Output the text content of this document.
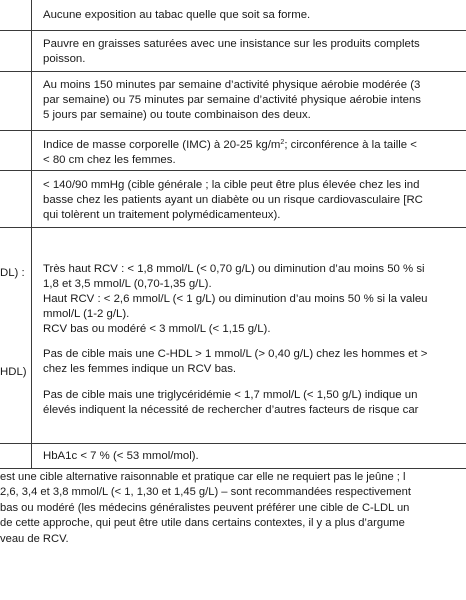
Aucune exposition au tabac quelle que soit sa forme.
Pauvre en graisses saturées avec une insistance sur les produits complets
poisson.
Au moins 150 minutes par semaine d’activité physique aérobie modérée (3
par semaine) ou 75 minutes par semaine d’activité physique aérobie intens
5 jours par semaine) ou toute combinaison des deux.
Indice de masse corporelle (IMC) à 20-25 $kg/m^2$; circonférence à la taille <
< 80 cm chez les femmes.
< 140/90 mmHg (cible générale ; la cible peut être plus élevée chez les ind
basse chez les patients ayant un diabète ou un risque cardiovasculaire [RC
qui tolèrent un traitement polymédicamenteux).
DL) :
HDL)
Très haut RCV : < 1,8 mmol/L (< 0,70 g/L) ou diminution d’au moins 50 % si
1,8 et 3,5 mmol/L (0,70-1,35 g/L).
Haut RCV : < 2,6 mmol/L (< 1 g/L) ou diminution d’au moins 50 % si la valeu
mmol/L (1-2 g/L).
RCV bas ou modéré < 3 mmol/L (< 1,15 g/L).
Pas de cible mais une C-HDL > 1 mmol/L (> 0,40 g/L) chez les hommes et >
chez les femmes indique un RCV bas.
Pas de cible mais une triglycéridémie < 1,7 mmol/L (< 1,50 g/L) indique un
élevés indiquent la nécessité de rechercher d’autres facteurs de risque car
HbA1c < 7 % (< 53 mmol/mol).
est une cible alternative raisonnable et pratique car elle ne requiert pas le jeûne ; l
2,6, 3,4 et 3,8 mmol/L (< 1, 1,30 et 1,45 g/L) – sont recommandées respectivement
bas ou modéré (les médecins généralistes peuvent préférer une cible de C-LDL un
de cette approche, qui peut être utile dans certains contextes, il y a plus d’argume
veau de RCV.
